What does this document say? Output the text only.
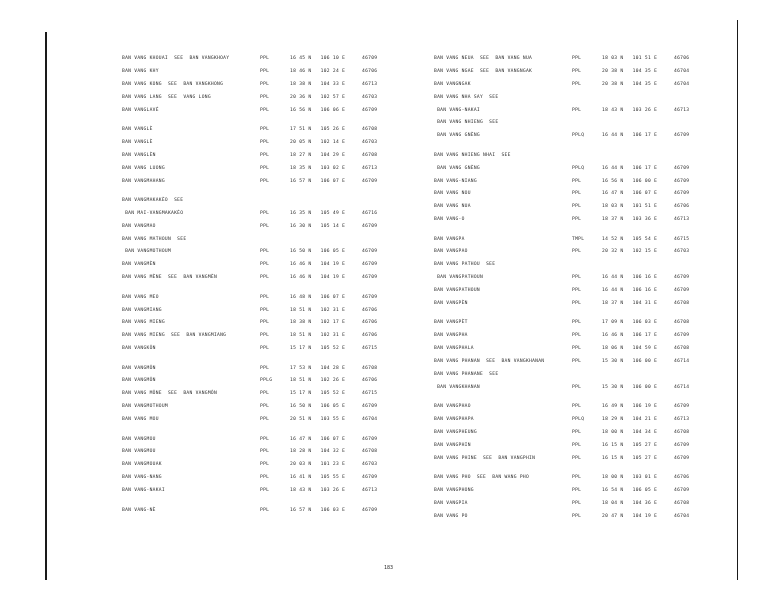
BAN VANG KHOUAI  SEE  BAN VANGKHOAY	PPL	16 45 N   106 10 E	46709
BAN VANG KHY	PPL	18 46 N   102 24 E	46706
BAN VANG KONG  SEE  BAN VANGKHONG	PPL	18 38 N   104 33 E	46713
BAN VANG LANG  SEE  VANG LONG	PPL	20 36 N   102 57 E	46703
BAN VANGLAVÉ	PPL	16 56 N   106 06 E	46709
BAN VANGLÈ	PPL	17 51 N   105 26 E	46708
BAN VANGLÈ	PPL	20 05 N   102 14 E	46703
BAN VANGLÈN	PPL	18 27 N   104 29 E	46708
BAN VANG LUONG	PPL	18 35 N   103 02 E	46713
BAN VANGMAHANG	PPL	16 57 N   106 07 E	46709
BAN VANGMAKAKÈO  SEE
BAN MAI-VANGMAKAKÈO	PPL	16 35 N   105 49 E	46716
BAN VANGMAO	PPL	16 30 N   105 14 E	46709
BAN VANG MATHOUN  SEE
BAN VANGMOTHOUM	PPL	16 50 N   106 05 E	46709
BAN VANGMÈN	PPL	16 46 N   104 19 E	46709
BAN VANG MÈNE  SEE  BAN VANGMÈN	PPL	16 46 N   104 19 E	46709
BAN VANG MEO	PPL	16 48 N   106 07 E	46709
BAN VANGMIANG	PPL	18 51 N   102 31 E	46706
BAN VANG MIENG	PPL	18 38 N   102 17 E	46706
BAN VANG MIENG  SEE  BAN VANGMIANG	PPL	18 51 N   102 31 E	46706
BAN VANGKÔN	PPL	15 17 N   105 52 E	46715
BAN VANGMÔN	PPL	17 53 N   104 28 E	46708
BAN VANGMÔN	PPLG	18 51 N   102 26 E	46706
BAN VANG MÔNE  SEE  BAN VANGMÔN	PPL	15 17 N   105 52 E	46715
BAN VANGMOTHOUM	PPL	16 50 N   106 05 E	46709
BAN VANG MOU	PPL	20 51 N   103 55 E	46704
BAN VANGMOU	PPL	16 47 N   106 07 E	46709
BAN VANGMOU	PPL	18 28 N   104 32 E	46708
BAN VANGMOUAK	PPL	20 03 N   101 23 E	46703
BAN VANG-NANG	PPL	16 41 N   105 55 E	46709
BAN VANG-NAKAI	PPL	18 43 N   103 26 E	46713
BAN VANG-NÈ	PPL	16 57 N   106 03 E	46709
BAN VANG NEUA  SEE  BAN VANG NUA	PPL	18 03 N   101 51 E	46706
BAN VANG NGAE  SEE  BAN VANGNGAK	PPL	20 38 N   104 35 E	46704
BAN VANGNGAK	PPL	20 38 N   104 35 E	46704
BAN VANG NHA SAY  SEE
BAN VANG-NAKAI	PPL	18 43 N   103 26 E	46713
BAN VANG NHIENG  SEE
BAN VANG GNÈNG	PPLQ	16 44 N   106 17 E	46709
BAN VANG NHIENG NHAI  SEE
BAN VANG GNÈNG	PPLQ	16 44 N   106 17 E	46709
BAN VANG-NIANG	PPL	16 56 N   106 00 E	46709
BAN VANG NOU	PPL	16 47 N   106 07 E	46709
BAN VANG NUA	PPL	18 03 N   101 51 E	46706
BAN VANG-O	PPL	18 37 N   103 36 E	46713
BAN VANGPA	TMPL	14 52 N   105 54 E	46715
BAN VANGPAO	PPL	20 32 N   102 15 E	46703
BAN VANG PATHOU  SEE
BAN VANGPATHOUN	PPL	16 44 N   106 16 E	46709
BAN VANGPATHOUN	PPL	16 44 N   106 16 E	46709
BAN VANGPÈN	PPL	18 37 N   104 31 E	46708
BAN VANGPÈT	PPL	17 09 N   106 03 E	46708
BAN VANGPHA	PPL	16 46 N   106 17 E	46709
BAN VANGPHALA	PPL	18 06 N   104 59 E	46708
BAN VANG PHANAN  SEE  BAN VANGKHANAN	PPL	15 30 N   106 00 E	46714
BAN VANG PHANANE  SEE
BAN VANGKHANAN	PPL	15 30 N   106 00 E	46714
BAN VANGPHAO	PPL	16 49 N   106 19 E	46709
BAN VANGPHAPA	PPLQ	18 29 N   104 21 E	46713
BAN VANGPHEUNG	PPL	18 00 N   104 34 E	46708
BAN VANGPHIN	PPL	16 15 N   105 27 E	46709
BAN VANG PHINE  SEE  BAN VANGPHIN	PPL	16 15 N   105 27 E	46709
BAN VANG PHO  SEE  BAN WANG PHO	PPL	18 00 N   103 01 E	46706
BAN VANGPHONG	PPL	16 54 N   106 05 E	46709
BAN VANGPIA	PPL	18 04 N   104 36 E	46708
BAN VANG PO	PPL	20 47 N   104 19 E	46704
183
